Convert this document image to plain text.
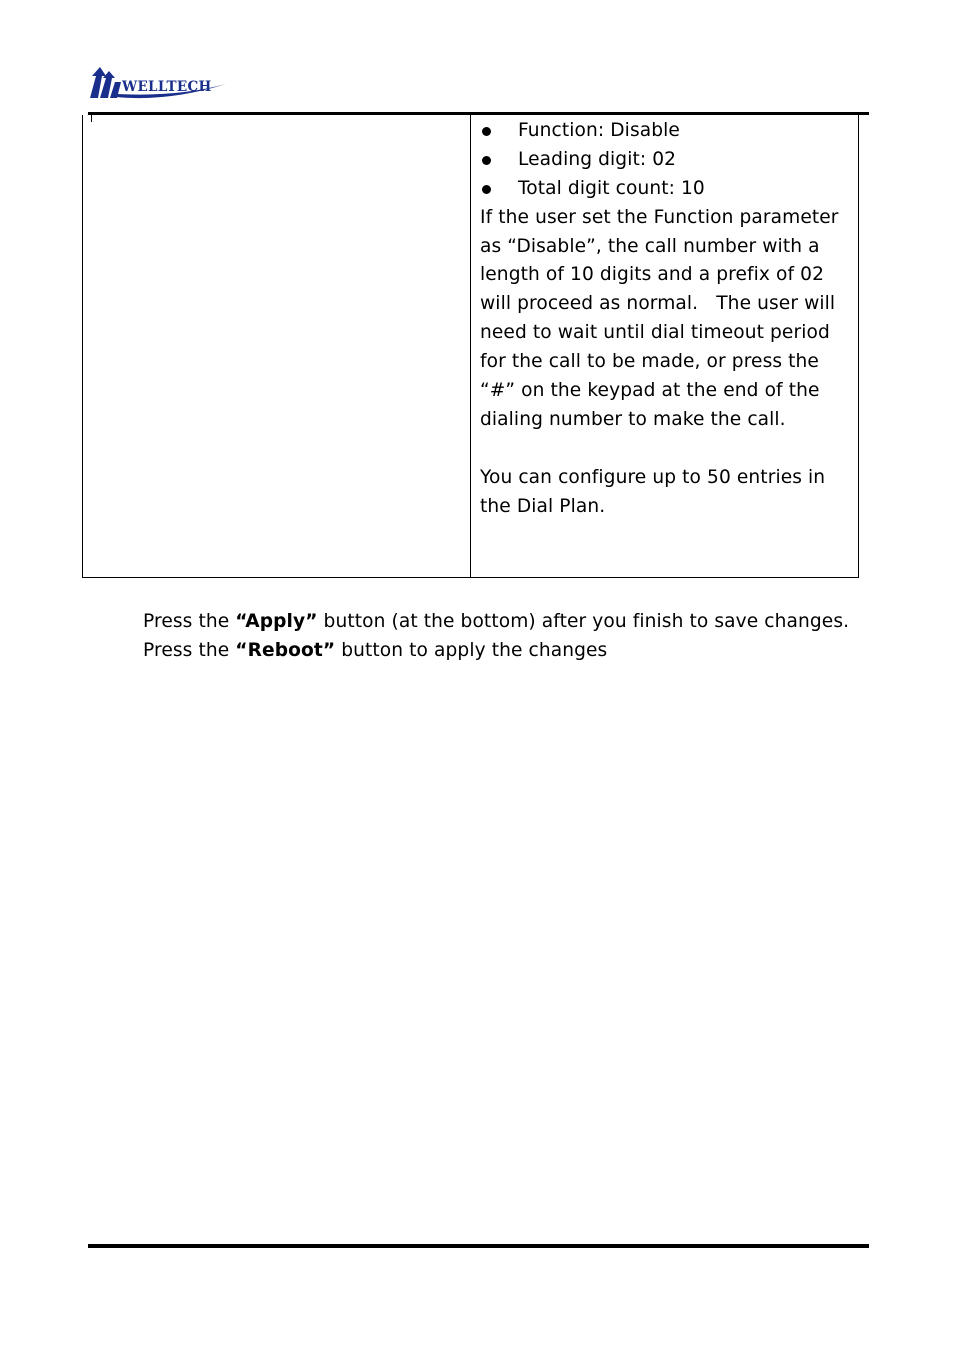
WELLTECH
Function: Disable
Leading digit: 02
Total digit count: 10
If the user set the Function parameter
as “Disable”, the call number with a
length of 10 digits and a prefix of 02
will proceed as normal.   The user will
need to wait until dial timeout period
for the call to be made, or press the
“#” on the keypad at the end of the
dialing number to make the call.
You can configure up to 50 entries in
the Dial Plan.
Press the “Apply” button (at the bottom) after you finish to save changes.
Press the “Reboot” button to apply the changes
